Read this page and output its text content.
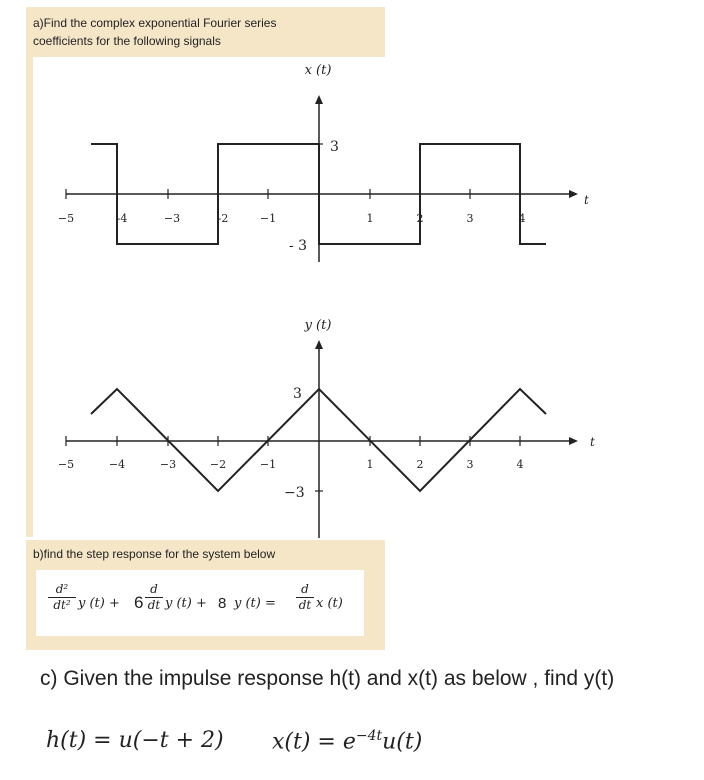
a)Find the complex exponential Fourier series
coefficients for the following signals
x (t)
3
- 3
−5	-4	−3	-2	−1	1	2	3	4
t
y (t)
3
−3
−5	−4	−3	−2	−1	1	2	3	4
t
b)find the step response for the system below
d²
dt² y (t) + 6
d
dt y (t) + 8 y (t) =
d
dt x (t)
c) Given the impulse response h(t) and x(t) as below , find y(t)
h(t) = u(−t + 2) $x(t) = e^{-4t}u(t)$
